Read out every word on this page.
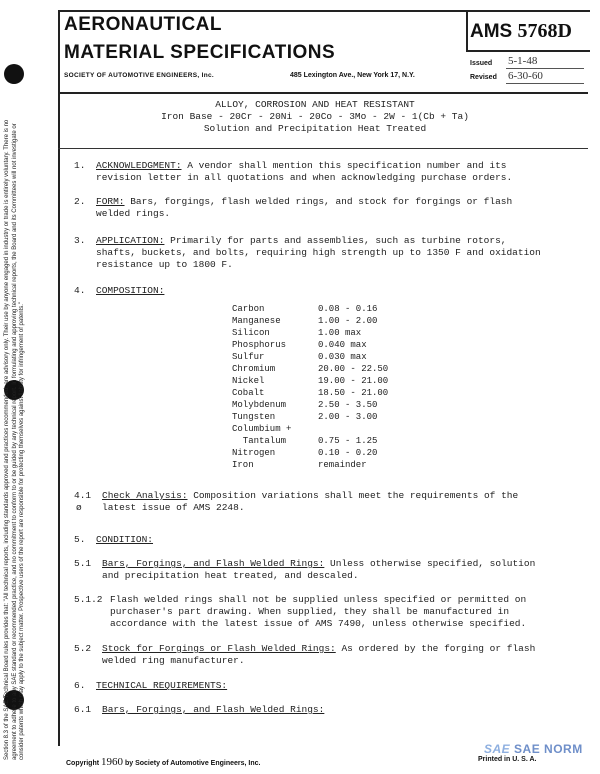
AERONAUTICAL
MATERIAL SPECIFICATIONS
SOCIETY OF AUTOMOTIVE ENGINEERS, Inc.	485 Lexington Ave., New York 17, N.Y.
AMS 5768D
Issued 5-1-48
Revised 6-30-60
ALLOY, CORROSION AND HEAT RESISTANT
Iron Base - 20Cr - 20Ni - 20Co - 3Mo - 2W - 1(Cb + Ta)
Solution and Precipitation Heat Treated
1. ACKNOWLEDGMENT: A vendor shall mention this specification number and its
revision letter in all quotations and when acknowledging purchase orders.
2. FORM: Bars, forgings, flash welded rings, and stock for forgings or flash
welded rings.
3. APPLICATION: Primarily for parts and assemblies, such as turbine rotors,
shafts, buckets, and bolts, requiring high strength up to 1350 F and oxidation
resistance up to 1800 F.
4. COMPOSITION:
Carbon	0.08 - 0.16
Manganese	1.00 - 2.00
Silicon	1.00 max
Phosphorus	0.040 max
Sulfur	0.030 max
Chromium	20.00 - 22.50
Nickel	19.00 - 21.00
Cobalt	18.50 - 21.00
Molybdenum	2.50 - 3.50
Tungsten	2.00 - 3.00
Columbium +
Tantalum	0.75 - 1.25
Nitrogen	0.10 - 0.20
Iron	remainder
4.1
ø
Check Analysis: Composition variations shall meet the requirements of the
latest issue of AMS 2248.
5. CONDITION:
5.1 Bars, Forgings, and Flash Welded Rings: Unless otherwise specified, solution
and precipitation heat treated, and descaled.
5.1.2 Flash welded rings shall not be supplied unless specified or permitted on
purchaser's part drawing. When supplied, they shall be manufactured in
accordance with the latest issue of AMS 7490, unless otherwise specified.
5.2 Stock for Forgings or Flash Welded Rings: As ordered by the forging or flash
welded ring manufacturer.
6. TECHNICAL REQUIREMENTS:
6.1 Bars, Forgings, and Flash Welded Rings:
Section 8.3 of the SAE Technical Board rules provides that: "All technical reports, including standards approved and practices recommended, are advisory only. Their use by anyone engaged in industry or trade is entirely voluntary. There is no agreement to adhere to any SAE standard or recommended practice, and no commitment to conform to or be guided by any technical report. In formulating and approving technical reports, the Board and its Committees will not investigate or consider patents which may apply to the subject matter. Prospective users of the report are responsible for protecting themselves against liability for infringement of patents."
Copyright 1960 by Society of Automotive Engineers, Inc.
SAE SAE NORM
Printed in U. S. A.
